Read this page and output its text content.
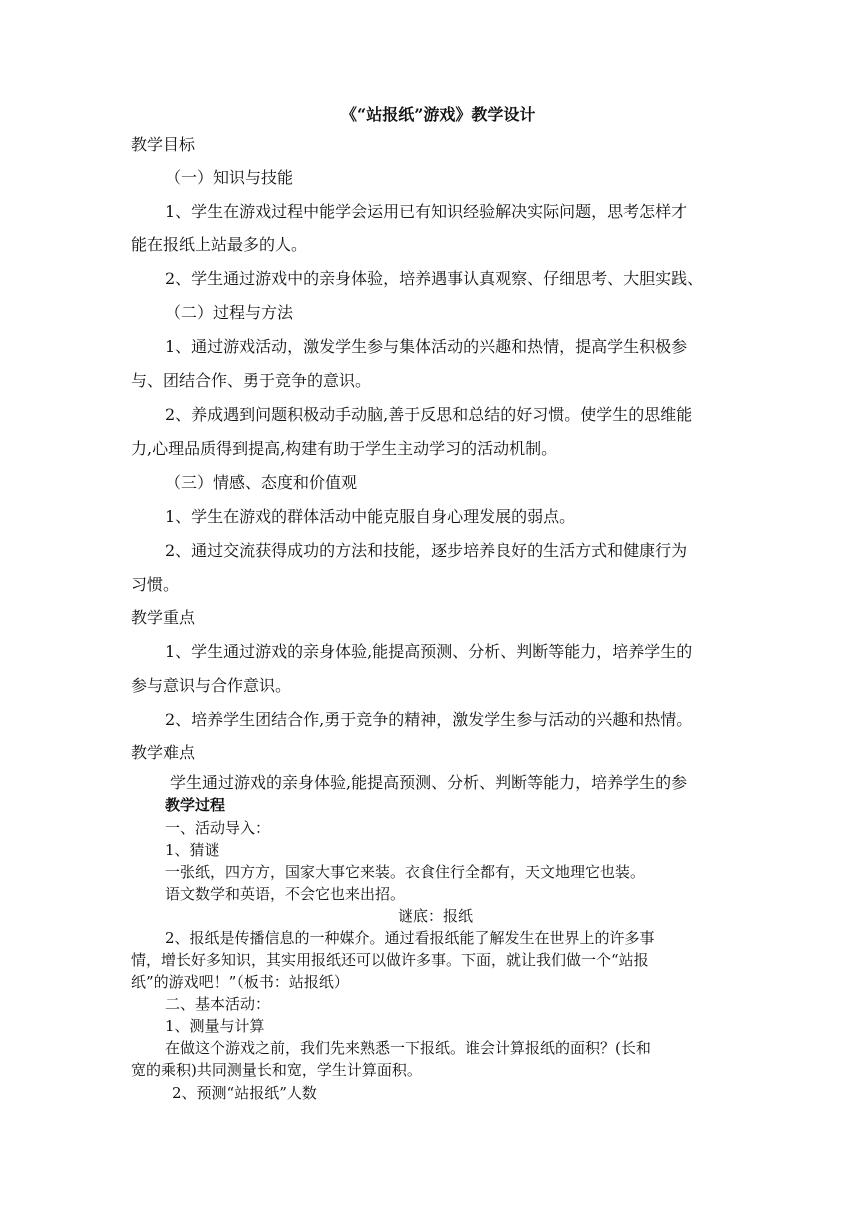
《“站报纸”游戏》教学设计
教学目标
（一）知识与技能
1、学生在游戏过程中能学会运用已有知识经验解决实际问题，思考怎样才
能在报纸上站最多的人。
2、学生通过游戏中的亲身体验，培养遇事认真观察、仔细思考、大胆实践、
（二）过程与方法
1、通过游戏活动，激发学生参与集体活动的兴趣和热情，提高学生积极参
与、团结合作、勇于竞争的意识。
2、养成遇到问题积极动手动脑,善于反思和总结的好习惯。使学生的思维能
力,心理品质得到提高,构建有助于学生主动学习的活动机制。
（三）情感、态度和价值观
1、学生在游戏的群体活动中能克服自身心理发展的弱点。
2、通过交流获得成功的方法和技能，逐步培养良好的生活方式和健康行为
习惯。
教学重点
1、学生通过游戏的亲身体验,能提高预测、分析、判断等能力，培养学生的
参与意识与合作意识。
2、培养学生团结合作,勇于竞争的精神，激发学生参与活动的兴趣和热情。
教学难点
学生通过游戏的亲身体验,能提高预测、分析、判断等能力，培养学生的参
教学过程
一、活动导入：
1、猜谜
一张纸，四方方，国家大事它来装。衣食住行全都有，天文地理它也装。
语文数学和英语，不会它也来出招。
谜底：报纸
2、报纸是传播信息的一种媒介。通过看报纸能了解发生在世界上的许多事
情，增长好多知识，其实用报纸还可以做许多事。下面，就让我们做一个“站报
纸”的游戏吧！”（板书：站报纸）
二、基本活动：
1、测量与计算
在做这个游戏之前，我们先来熟悉一下报纸。谁会计算报纸的面积？(长和
宽的乘积)共同测量长和宽，学生计算面积。
2、预测“站报纸”人数
